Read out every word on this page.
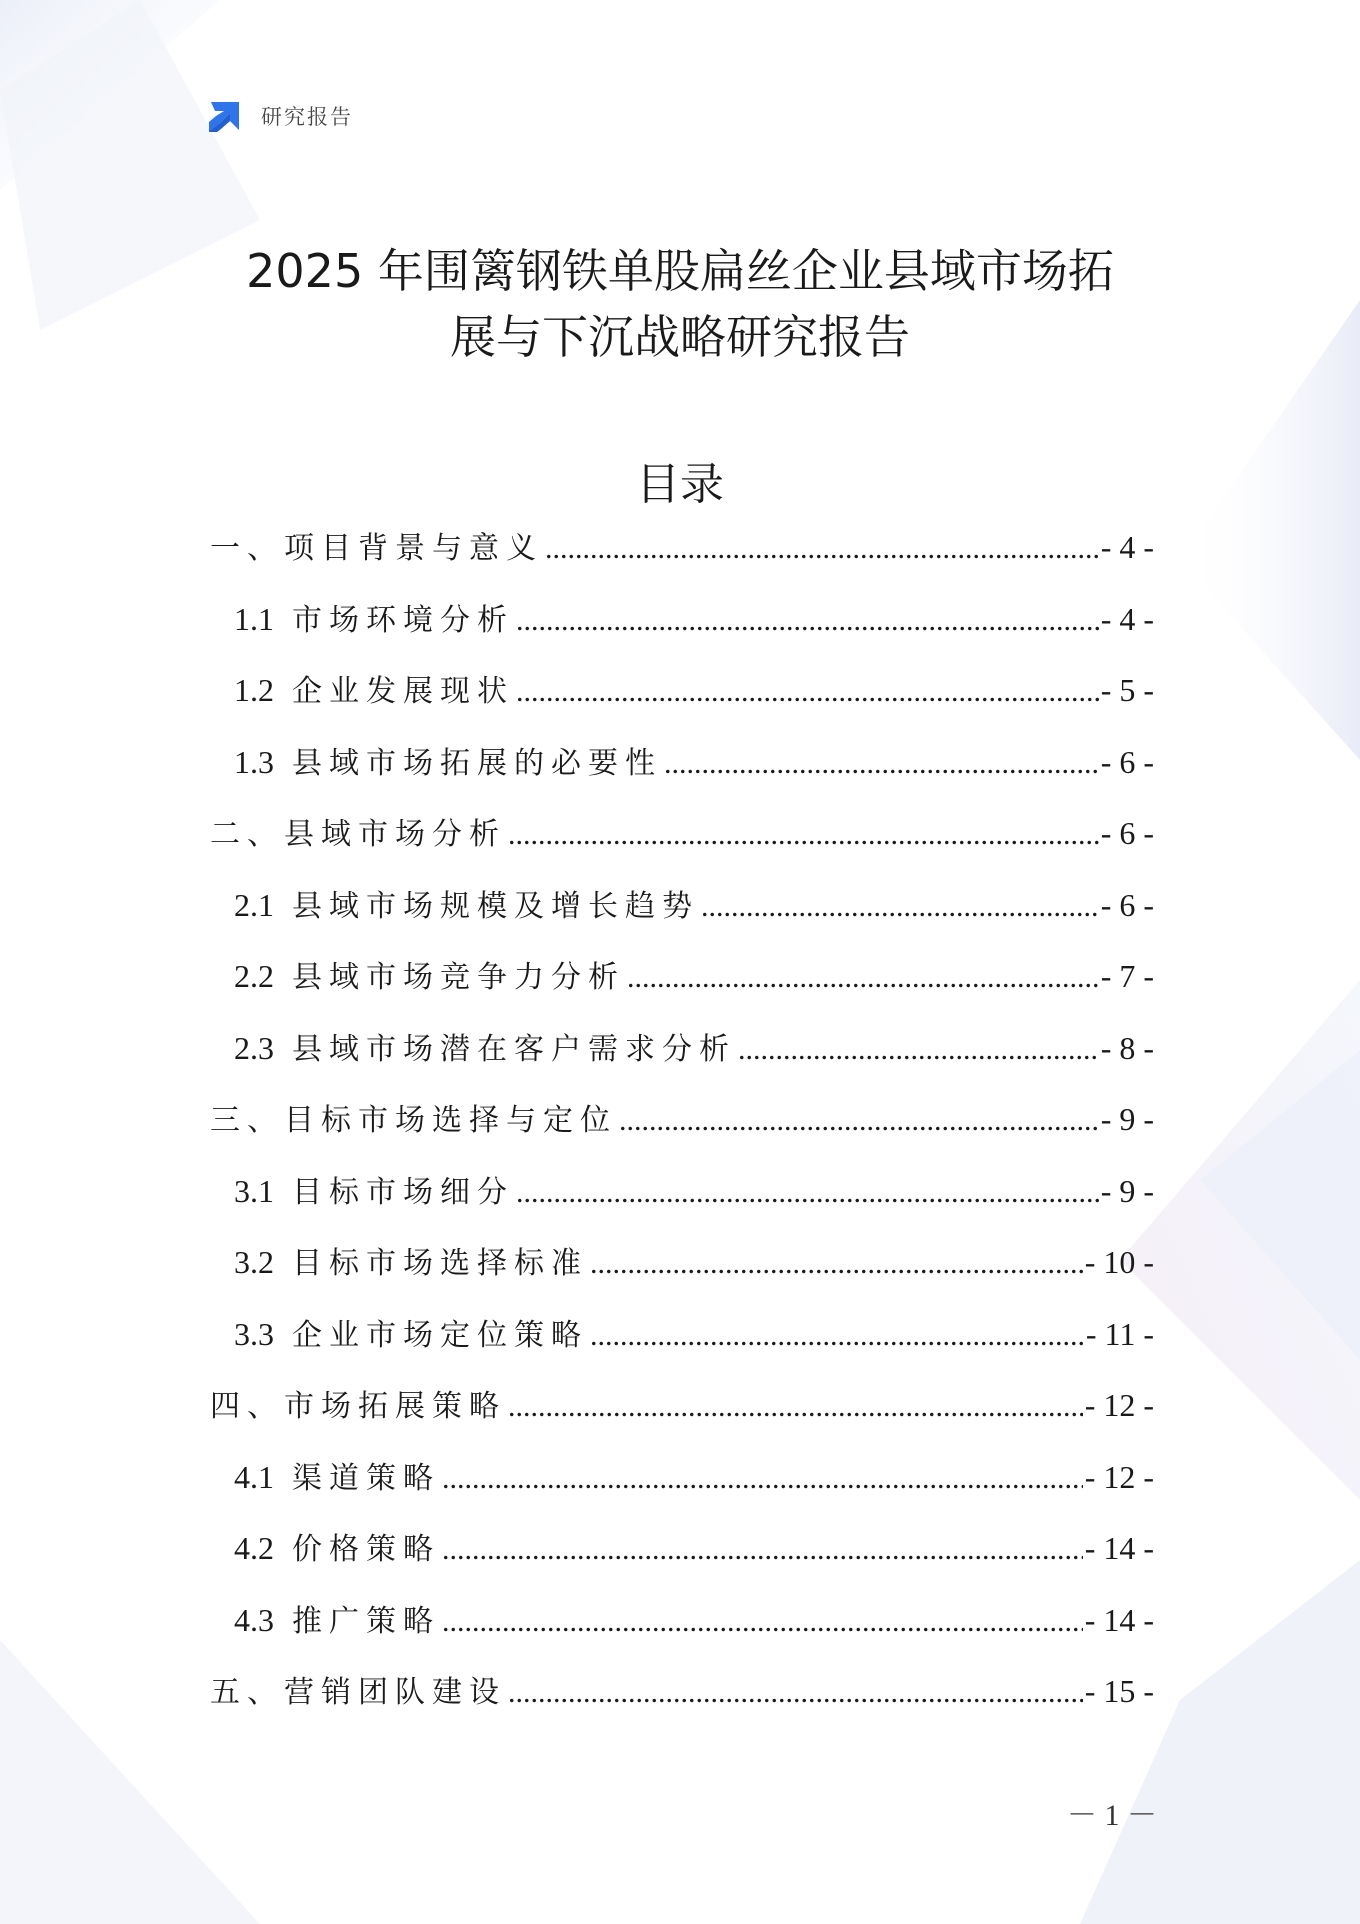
研究报告
2025 年围篱钢铁单股扁丝企业县域市场拓
展与下沉战略研究报告
目录
一、项目背景与意义 .....	- 4 -
1.1 市场环境分析 .....	- 4 -
1.2 企业发展现状 .....	- 5 -
1.3 县域市场拓展的必要性 .....	- 6 -
二、县域市场分析 .....	- 6 -
2.1 县域市场规模及增长趋势 .....	- 6 -
2.2 县域市场竞争力分析 .....	- 7 -
2.3 县域市场潜在客户需求分析 .....	- 8 -
三、目标市场选择与定位 .....	- 9 -
3.1 目标市场细分 .....	- 9 -
3.2 目标市场选择标准 .....	- 10 -
3.3 企业市场定位策略 .....	- 11 -
四、市场拓展策略 .....	- 12 -
4.1 渠道策略 .....	- 12 -
4.2 价格策略 .....	- 14 -
4.3 推广策略 .....	- 14 -
五、营销团队建设 .....	- 15 -
－ 1 －
